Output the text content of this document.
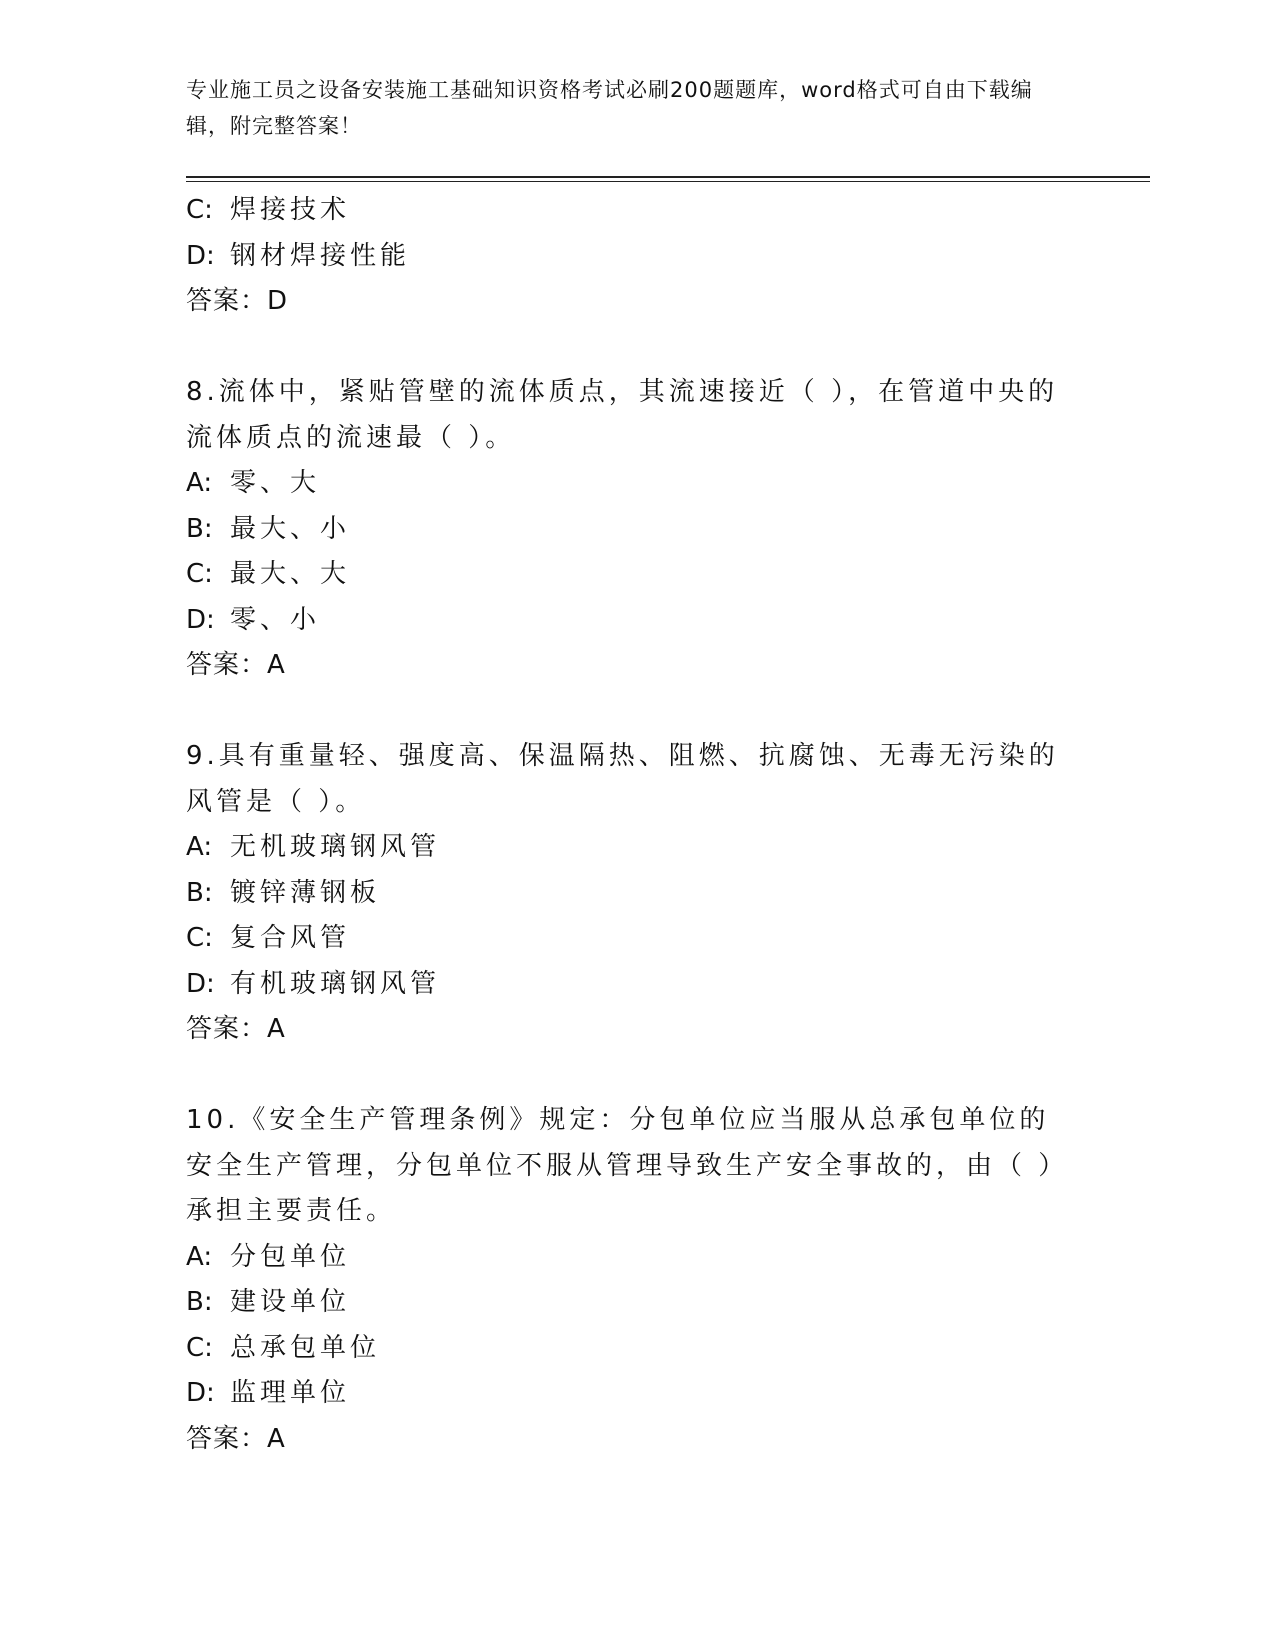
专业施工员之设备安装施工基础知识资格考试必刷200题题库，word格式可自由下载编辑，附完整答案！
C: 焊接技术
D: 钢材焊接性能
答案：D
8.流体中，紧贴管壁的流体质点，其流速接近（ ），在管道中央的流体质点的流速最（ ）。
A: 零、大
B: 最大、小
C: 最大、大
D: 零、小
答案：A
9.具有重量轻、强度高、保温隔热、阻燃、抗腐蚀、无毒无污染的风管是（ ）。
A: 无机玻璃钢风管
B: 镀锌薄钢板
C: 复合风管
D: 有机玻璃钢风管
答案：A
10.《安全生产管理条例》规定：分包单位应当服从总承包单位的安全生产管理，分包单位不服从管理导致生产安全事故的，由（ ）承担主要责任。
A: 分包单位
B: 建设单位
C: 总承包单位
D: 监理单位
答案：A
